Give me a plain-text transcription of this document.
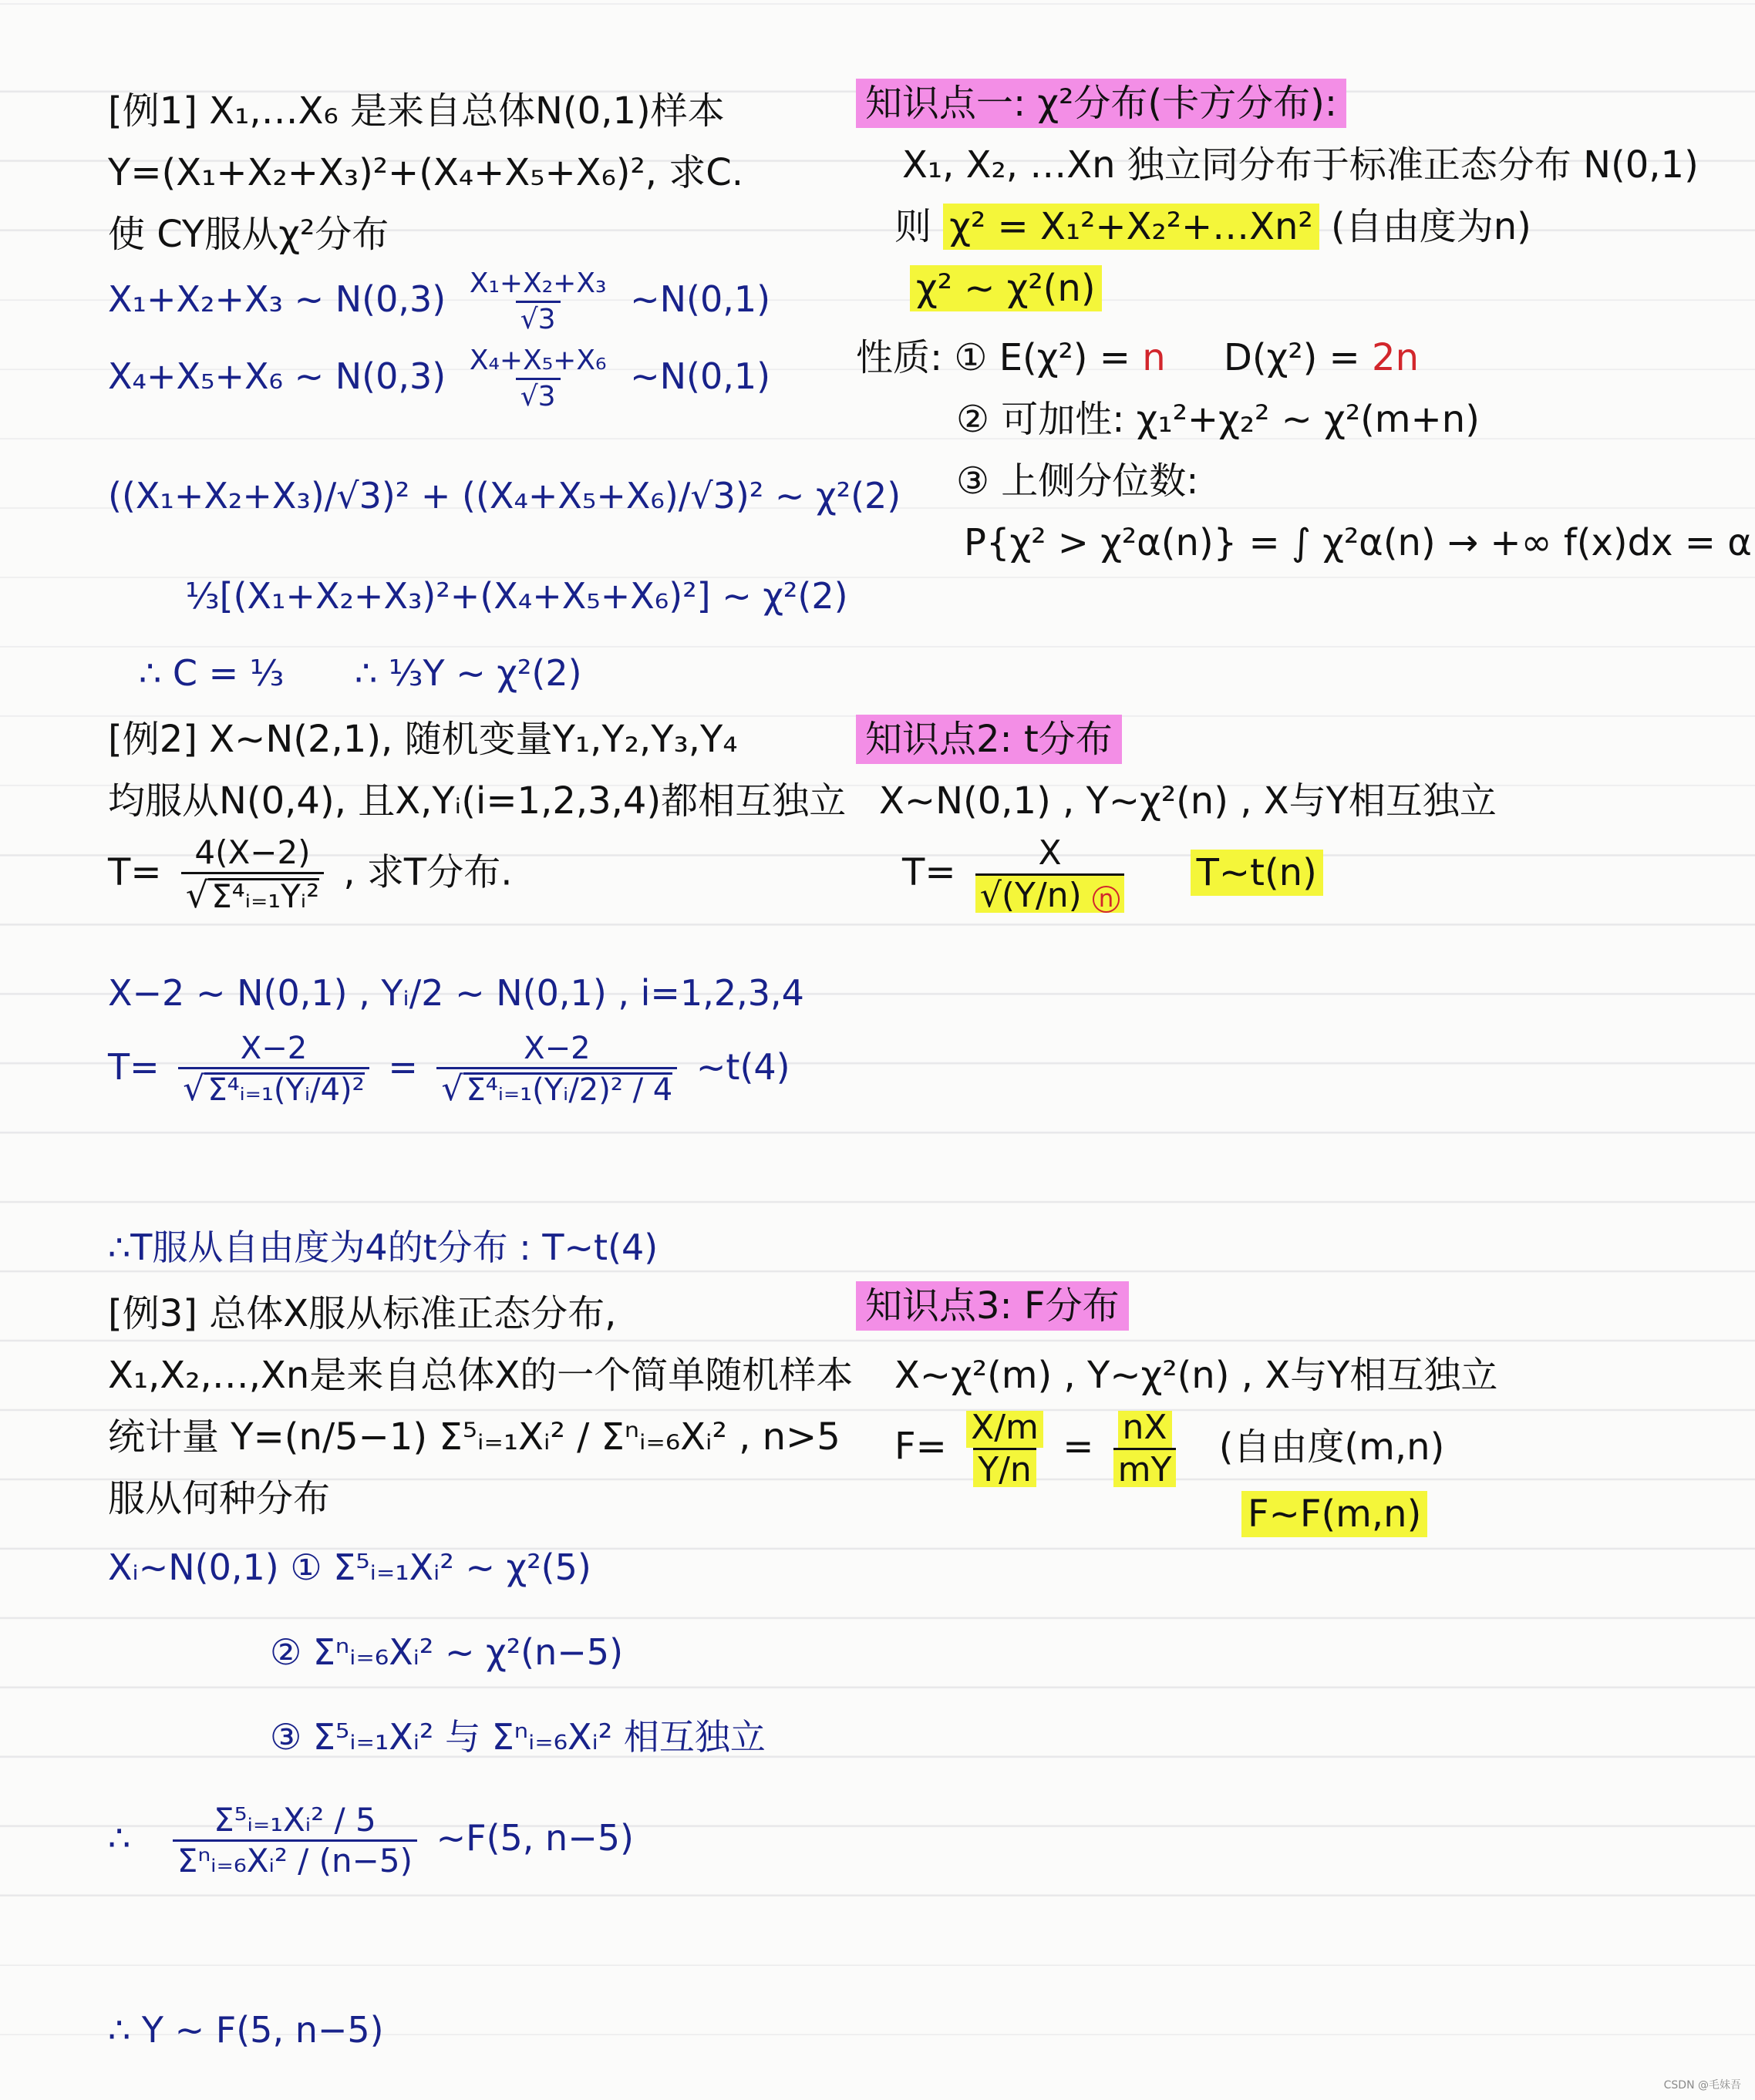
[例1] X₁,…X₆ 是来自总体N(0,1)样本
Y=(X₁+X₂+X₃)²+(X₄+X₅+X₆)², 求C.
使 CY服从χ²分布
X₁+X₂+X₃ ~ $N(0,3) \frac{\text{X₁+X₂+X₃}}{√3}$ ~N(0,1)
X₄+X₅+X₆ ~ $N(0,3) \frac{\text{X₄+X₅+X₆}}{√3}$ ~N(0,1)
((X₁+X₂+X₃)/√3)² + ((X₄+X₅+X₆)/√3)² ~ χ²(2)
⅓[(X₁+X₂+X₃)²+(X₄+X₅+X₆)²] ~ χ²(2)
∴ C = ⅓ ∴ ⅓Y ~ χ²(2)
[例2] X~N(2,1), 随机变量Y₁,Y₂,Y₃,Y₄
均服从N(0,4), 且X,Yᵢ(i=1,2,3,4)都相互独立
$T= \frac{4(X-2)}{\text{√Σ⁴ᵢ₌₁Yᵢ²}}$ , 求T分布.
X−2 ~ N(0,1) , Yᵢ/2 ~ N(0,1) , i=1,2,3,4
$T= \frac{X-2}{\text{√ Σ⁴ᵢ₌₁(Yᵢ/4)²}} = \frac{X-2}{\text{√ Σ⁴ᵢ₌₁(Yᵢ/2)² / 4}}$ ~t(4)
∴T服从自由度为4的t分布 : T~t(4)
[例3] 总体X服从标准正态分布,
X₁,X₂,…,Xn是来自总体X的一个简单随机样本
统计量 Y=(n/5−1) Σ⁵ᵢ₌₁Xᵢ² / Σⁿᵢ₌₆Xᵢ² , n>5
服从何种分布
Xᵢ~N(0,1) ① Σ⁵ᵢ₌₁Xᵢ² ~ χ²(5)
② Σⁿᵢ₌₆Xᵢ² ~ χ²(n−5)
③ Σ⁵ᵢ₌₁Xᵢ² 与 Σⁿᵢ₌₆Xᵢ² 相互独立
∴ $\frac{\text{Σ⁵ᵢ₌₁Xᵢ² / 5}}{\text{Σⁿᵢ₌₆Xᵢ² / (n−5)}}$ ~F(5, n−5)
∴ Y ~ F(5, n−5)
知识点一: χ²分布(卡方分布):
X₁, X₂, …Xn 独立同分布于标准正态分布 N(0,1)
则 χ² = X₁²+X₂²+…Xn² (自由度为n)
χ² ~ χ²(n)
性质: ① E(χ²) = n D(χ²) = 2n
② 可加性: χ₁²+χ₂² ~ χ²(m+n)
③ 上侧分位数:
P{χ² > χ²α(n)} = ∫ χ²α(n) → +∞ f(x)dx = α
知识点2: t分布
X~N(0,1) , Y~χ²(n) , X与Y相互独立
$T= \frac{X}{√(Y/n) n}$ T~t(n)
知识点3: F分布
X~χ²(m) , Y~χ²(n) , X与Y相互独立
$F= \frac{X/m}{Y/n} = \frac{nX}{mY}$ (自由度(m,n)
F~F(m,n)
CSDN @毛妹吾
